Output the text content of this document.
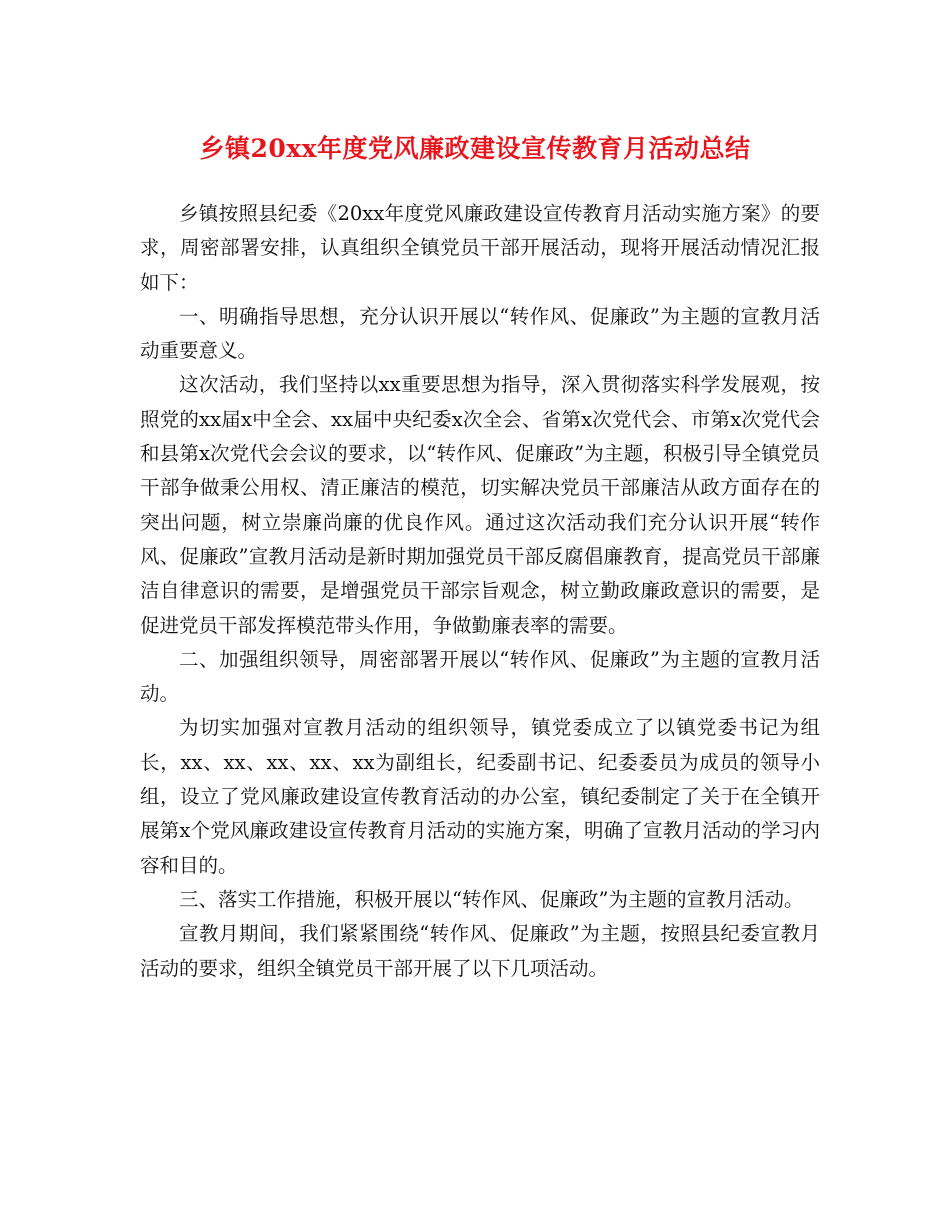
乡镇20xx年度党风廉政建设宣传教育月活动总结

乡镇按照县纪委《20xx年度党风廉政建设宣传教育月活动实施方案》的要求，周密部署安排，认真组织全镇党员干部开展活动，现将开展活动情况汇报如下：

一、明确指导思想，充分认识开展以“转作风、促廉政”为主题的宣教月活动重要意义。

这次活动，我们坚持以xx重要思想为指导，深入贯彻落实科学发展观，按照党的xx届x中全会、xx届中央纪委x次全会、省第x次党代会、市第x次党代会和县第x次党代会会议的要求，以“转作风、促廉政”为主题，积极引导全镇党员干部争做秉公用权、清正廉洁的模范，切实解决党员干部廉洁从政方面存在的突出问题，树立崇廉尚廉的优良作风。通过这次活动我们充分认识开展“转作风、促廉政”宣教月活动是新时期加强党员干部反腐倡廉教育，提高党员干部廉洁自律意识的需要，是增强党员干部宗旨观念，树立勤政廉政意识的需要，是促进党员干部发挥模范带头作用，争做勤廉表率的需要。

二、加强组织领导，周密部署开展以“转作风、促廉政”为主题的宣教月活动。

为切实加强对宣教月活动的组织领导，镇党委成立了以镇党委书记为组长，xx、xx、xx、xx、xx为副组长，纪委副书记、纪委委员为成员的领导小组，设立了党风廉政建设宣传教育活动的办公室，镇纪委制定了关于在全镇开展第x个党风廉政建设宣传教育月活动的实施方案，明确了宣教月活动的学习内容和目的。

三、落实工作措施，积极开展以“转作风、促廉政”为主题的宣教月活动。

宣教月期间，我们紧紧围绕“转作风、促廉政”为主题，按照县纪委宣教月活动的要求，组织全镇党员干部开展了以下几项活动。
